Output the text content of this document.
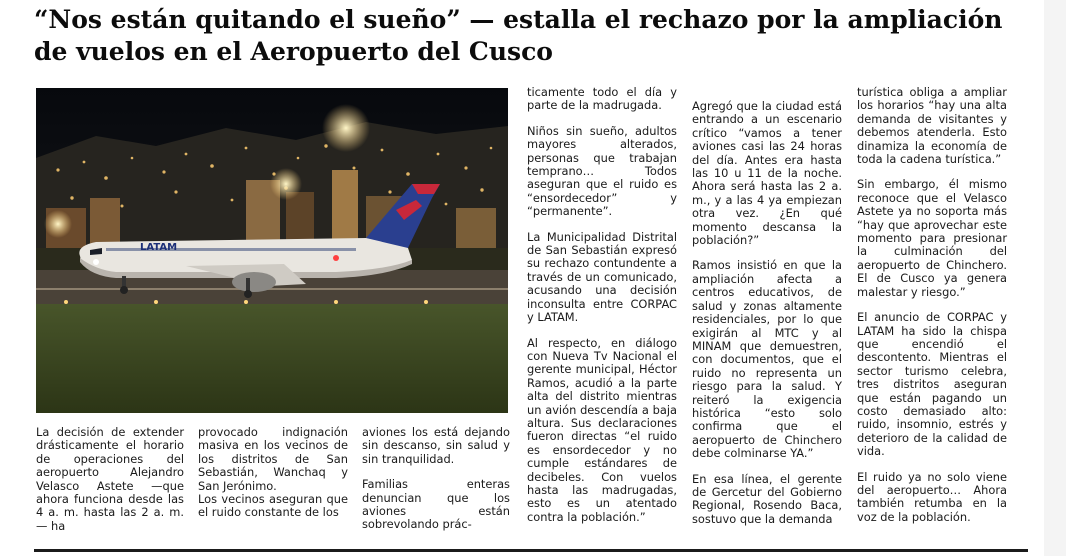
“Nos están quitando el sueño” — estalla el rechazo por la ampliación de vuelos en el Aeropuerto del Cusco
LATAM

La decisión de extender drásticamente el horario de operaciones del aeropuerto Alejandro Velasco Astete —que ahora funciona desde las 4 a. m. hasta las 2 a. m.— ha

provocado indignación masiva en los vecinos de los distritos de San Sebastián, Wanchaq y San Jerónimo.

Los vecinos aseguran que el ruido constante de los

aviones los está dejando sin descanso, sin salud y sin tranquilidad.

Familias enteras denuncian que los aviones están sobrevolando prác-

ticamente todo el día y parte de la madrugada.

Niños sin sueño, adultos mayores alterados, personas que trabajan temprano… Todos aseguran que el ruido es “ensordecedor” y “permanente”.

La Municipalidad Distrital de San Sebastián expresó su rechazo contundente a través de un comunicado, acusando una decisión inconsulta entre CORPAC y LATAM.

Al respecto, en diálogo con Nueva Tv Nacional el gerente municipal, Héctor Ramos, acudió a la parte alta del distrito mientras un avión descendía a baja altura. Sus declaraciones fueron directas “el ruido es ensordecedor y no cumple estándares de decibeles. Con vuelos hasta las madrugadas, esto es un atentado contra la población.”

Agregó que la ciudad está entrando a un escenario crítico “vamos a tener aviones casi las 24 horas del día. Antes era hasta las 10 u 11 de la noche. Ahora será hasta las 2 a. m., y a las 4 ya empiezan otra vez. ¿En qué momento descansa la población?”

Ramos insistió en que la ampliación afecta a centros educativos, de salud y zonas altamente residenciales, por lo que exigirán al MTC y al MINAM que demuestren, con documentos, que el ruido no representa un riesgo para la salud. Y reiteró la exigencia histórica “esto solo confirma que el aeropuerto de Chinchero debe colminarse YA.”

En esa línea, el gerente de Gercetur del Gobierno Regional, Rosendo Baca, sostuvo que la demanda

turística obliga a ampliar los horarios “hay una alta demanda de visitantes y debemos atenderla. Esto dinamiza la economía de toda la cadena turística.”

Sin embargo, él mismo reconoce que el Velasco Astete ya no soporta más “hay que aprovechar este momento para presionar la culminación del aeropuerto de Chinchero. El de Cusco ya genera malestar y riesgo.”

El anuncio de CORPAC y LATAM ha sido la chispa que encendió el descontento. Mientras el sector turismo celebra, tres distritos aseguran que están pagando un costo demasiado alto: ruido, insomnio, estrés y deterioro de la calidad de vida.

El ruido ya no solo viene del aeropuerto… Ahora también retumba en la voz de la población.
